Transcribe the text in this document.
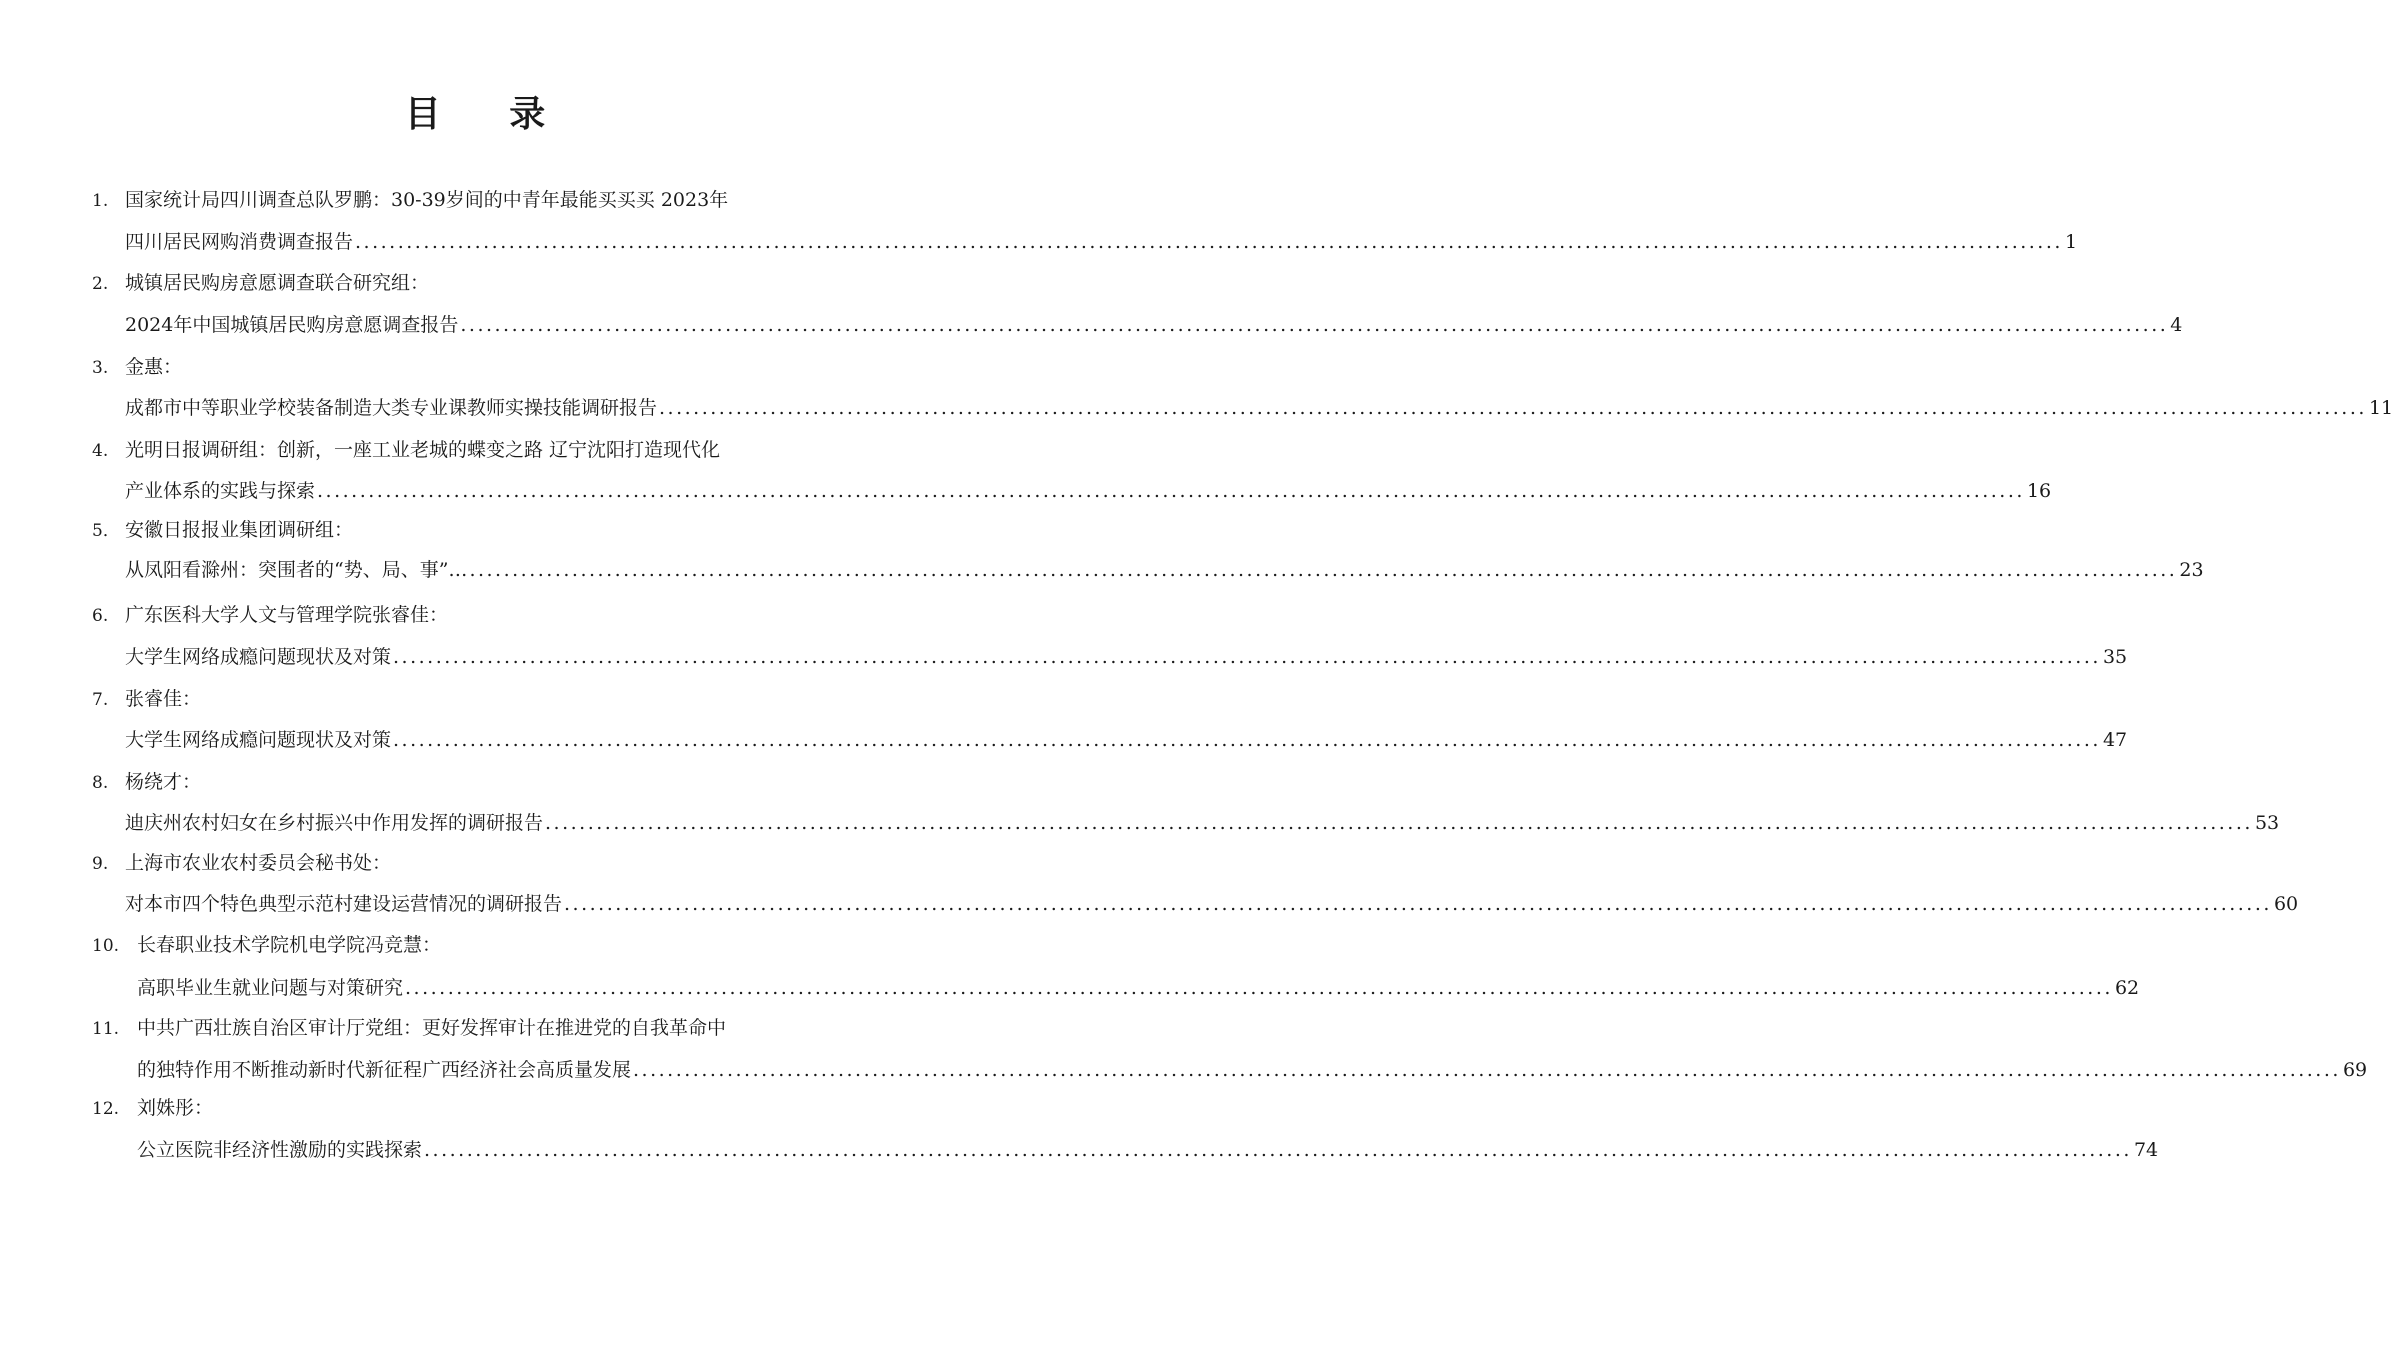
目 录
1. 国家统计局四川调查总队罗鹏：30-39岁间的中青年最能买买买 2023年
四川居民网购消费调查报告 ........................................................................................................................................................................................................ 1
2. 城镇居民购房意愿调查联合研究组：
2024年中国城镇居民购房意愿调查报告 ........................................................................................................................................................................................................ 4
3. 金惠：
成都市中等职业学校装备制造大类专业课教师实操技能调研报告 ........................................................................................................................................................................................................ 11
4. 光明日报调研组：创新，一座工业老城的蝶变之路 辽宁沈阳打造现代化
产业体系的实践与探索 ........................................................................................................................................................................................................ 16
5． 安徽日报报业集团调研组：
从凤阳看滁州：突围者的“势、局、事”… ........................................................................................................................................................................................................ 23
6. 广东医科大学人文与管理学院张睿佳：
大学生网络成瘾问题现状及对策 ........................................................................................................................................................................................................ 35
7. 张睿佳：
大学生网络成瘾问题现状及对策 ........................................................................................................................................................................................................ 47
8. 杨绕才：
迪庆州农村妇女在乡村振兴中作用发挥的调研报告 ........................................................................................................................................................................................................ 53
9. 上海市农业农村委员会秘书处：
对本市四个特色典型示范村建设运营情况的调研报告 ........................................................................................................................................................................................................ 60
10. 长春职业技术学院机电学院冯竞慧：
高职毕业生就业问题与对策研究 ........................................................................................................................................................................................................ 62
11. 中共广西壮族自治区审计厅党组：更好发挥审计在推进党的自我革命中
的独特作用不断推动新时代新征程广西经济社会高质量发展 ........................................................................................................................................................................................................ 69
12. 刘姝彤：
公立医院非经济性激励的实践探索 ........................................................................................................................................................................................................ 74
